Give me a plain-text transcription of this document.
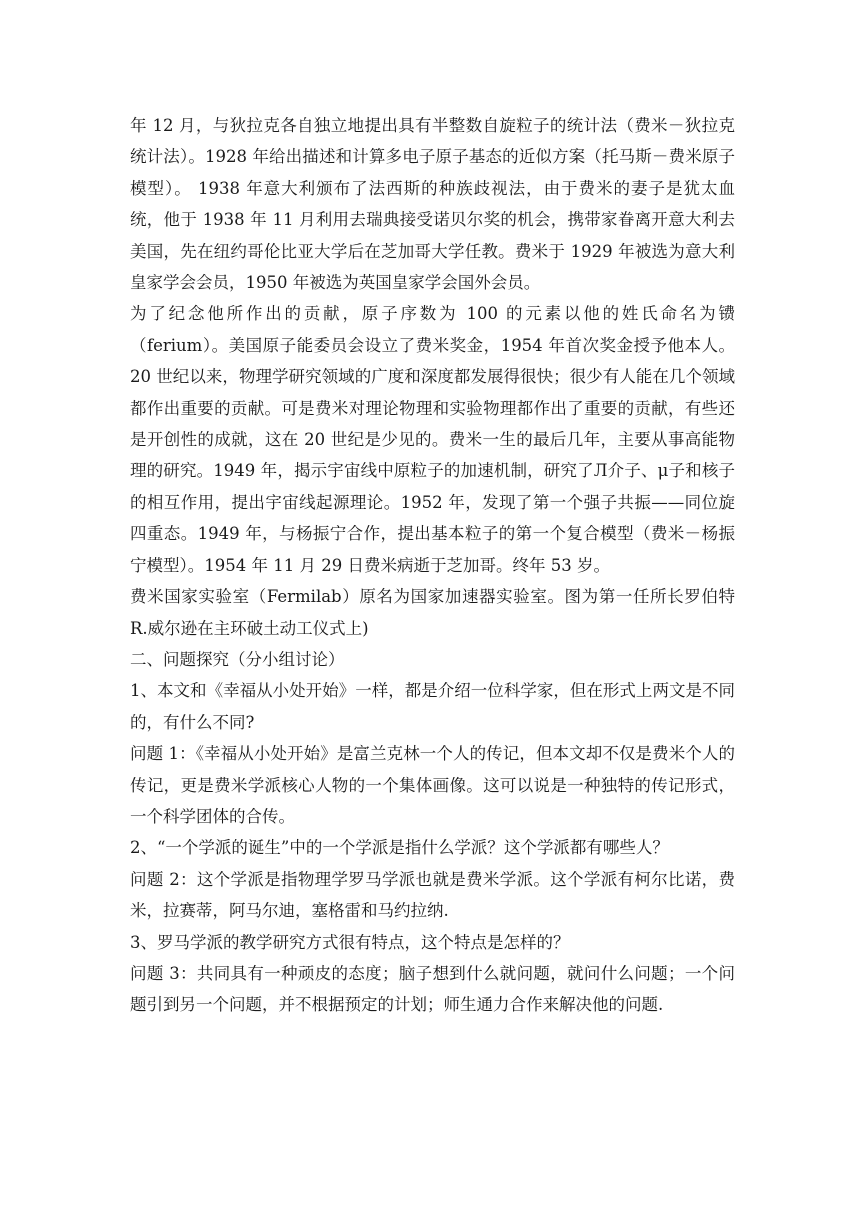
年 12 月，与狄拉克各自独立地提出具有半整数自旋粒子的统计法（费米－狄拉克统计法）。1928 年给出描述和计算多电子原子基态的近似方案（托马斯－费米原子模型）。 1938 年意大利颁布了法西斯的种族歧视法，由于费米的妻子是犹太血统，他于 1938 年 11 月利用去瑞典接受诺贝尔奖的机会，携带家眷离开意大利去美国，先在纽约哥伦比亚大学后在芝加哥大学任教。费米于 1929 年被选为意大利皇家学会会员，1950 年被选为英国皇家学会国外会员。

为了纪念他所作出的贡献，原子序数为 100 的元素以他的姓氏命名为镄（ferium）。美国原子能委员会设立了费米奖金，1954 年首次奖金授予他本人。20 世纪以来，物理学研究领域的广度和深度都发展得很快；很少有人能在几个领域都作出重要的贡献。可是费米对理论物理和实验物理都作出了重要的贡献，有些还是开创性的成就，这在 20 世纪是少见的。费米一生的最后几年，主要从事高能物理的研究。1949 年，揭示宇宙线中原粒子的加速机制，研究了Л介子、μ子和核子的相互作用，提出宇宙线起源理论。1952 年，发现了第一个强子共振——同位旋四重态。1949 年，与杨振宁合作，提出基本粒子的第一个复合模型（费米－杨振宁模型）。1954 年 11 月 29 日费米病逝于芝加哥。终年 53 岁。

费米国家实验室（Fermilab）原名为国家加速器实验室。图为第一任所长罗伯特 R.威尔逊在主环破土动工仪式上)

二、问题探究（分小组讨论）

1、本文和《幸福从小处开始》一样，都是介绍一位科学家，但在形式上两文是不同的，有什么不同?

问题 1：《幸福从小处开始》是富兰克林一个人的传记，但本文却不仅是费米个人的传记，更是费米学派核心人物的一个集体画像。这可以说是一种独特的传记形式，一个科学团体的合传。

2、“一个学派的诞生”中的一个学派是指什么学派？这个学派都有哪些人？

问题 2：这个学派是指物理学罗马学派也就是费米学派。这个学派有柯尔比诺，费米，拉赛蒂，阿马尔迪，塞格雷和马约拉纳.

3、罗马学派的教学研究方式很有特点，这个特点是怎样的？

问题 3：共同具有一种顽皮的态度；脑子想到什么就问题，就问什么问题；一个问题引到另一个问题，并不根据预定的计划；师生通力合作来解决他的问题.
